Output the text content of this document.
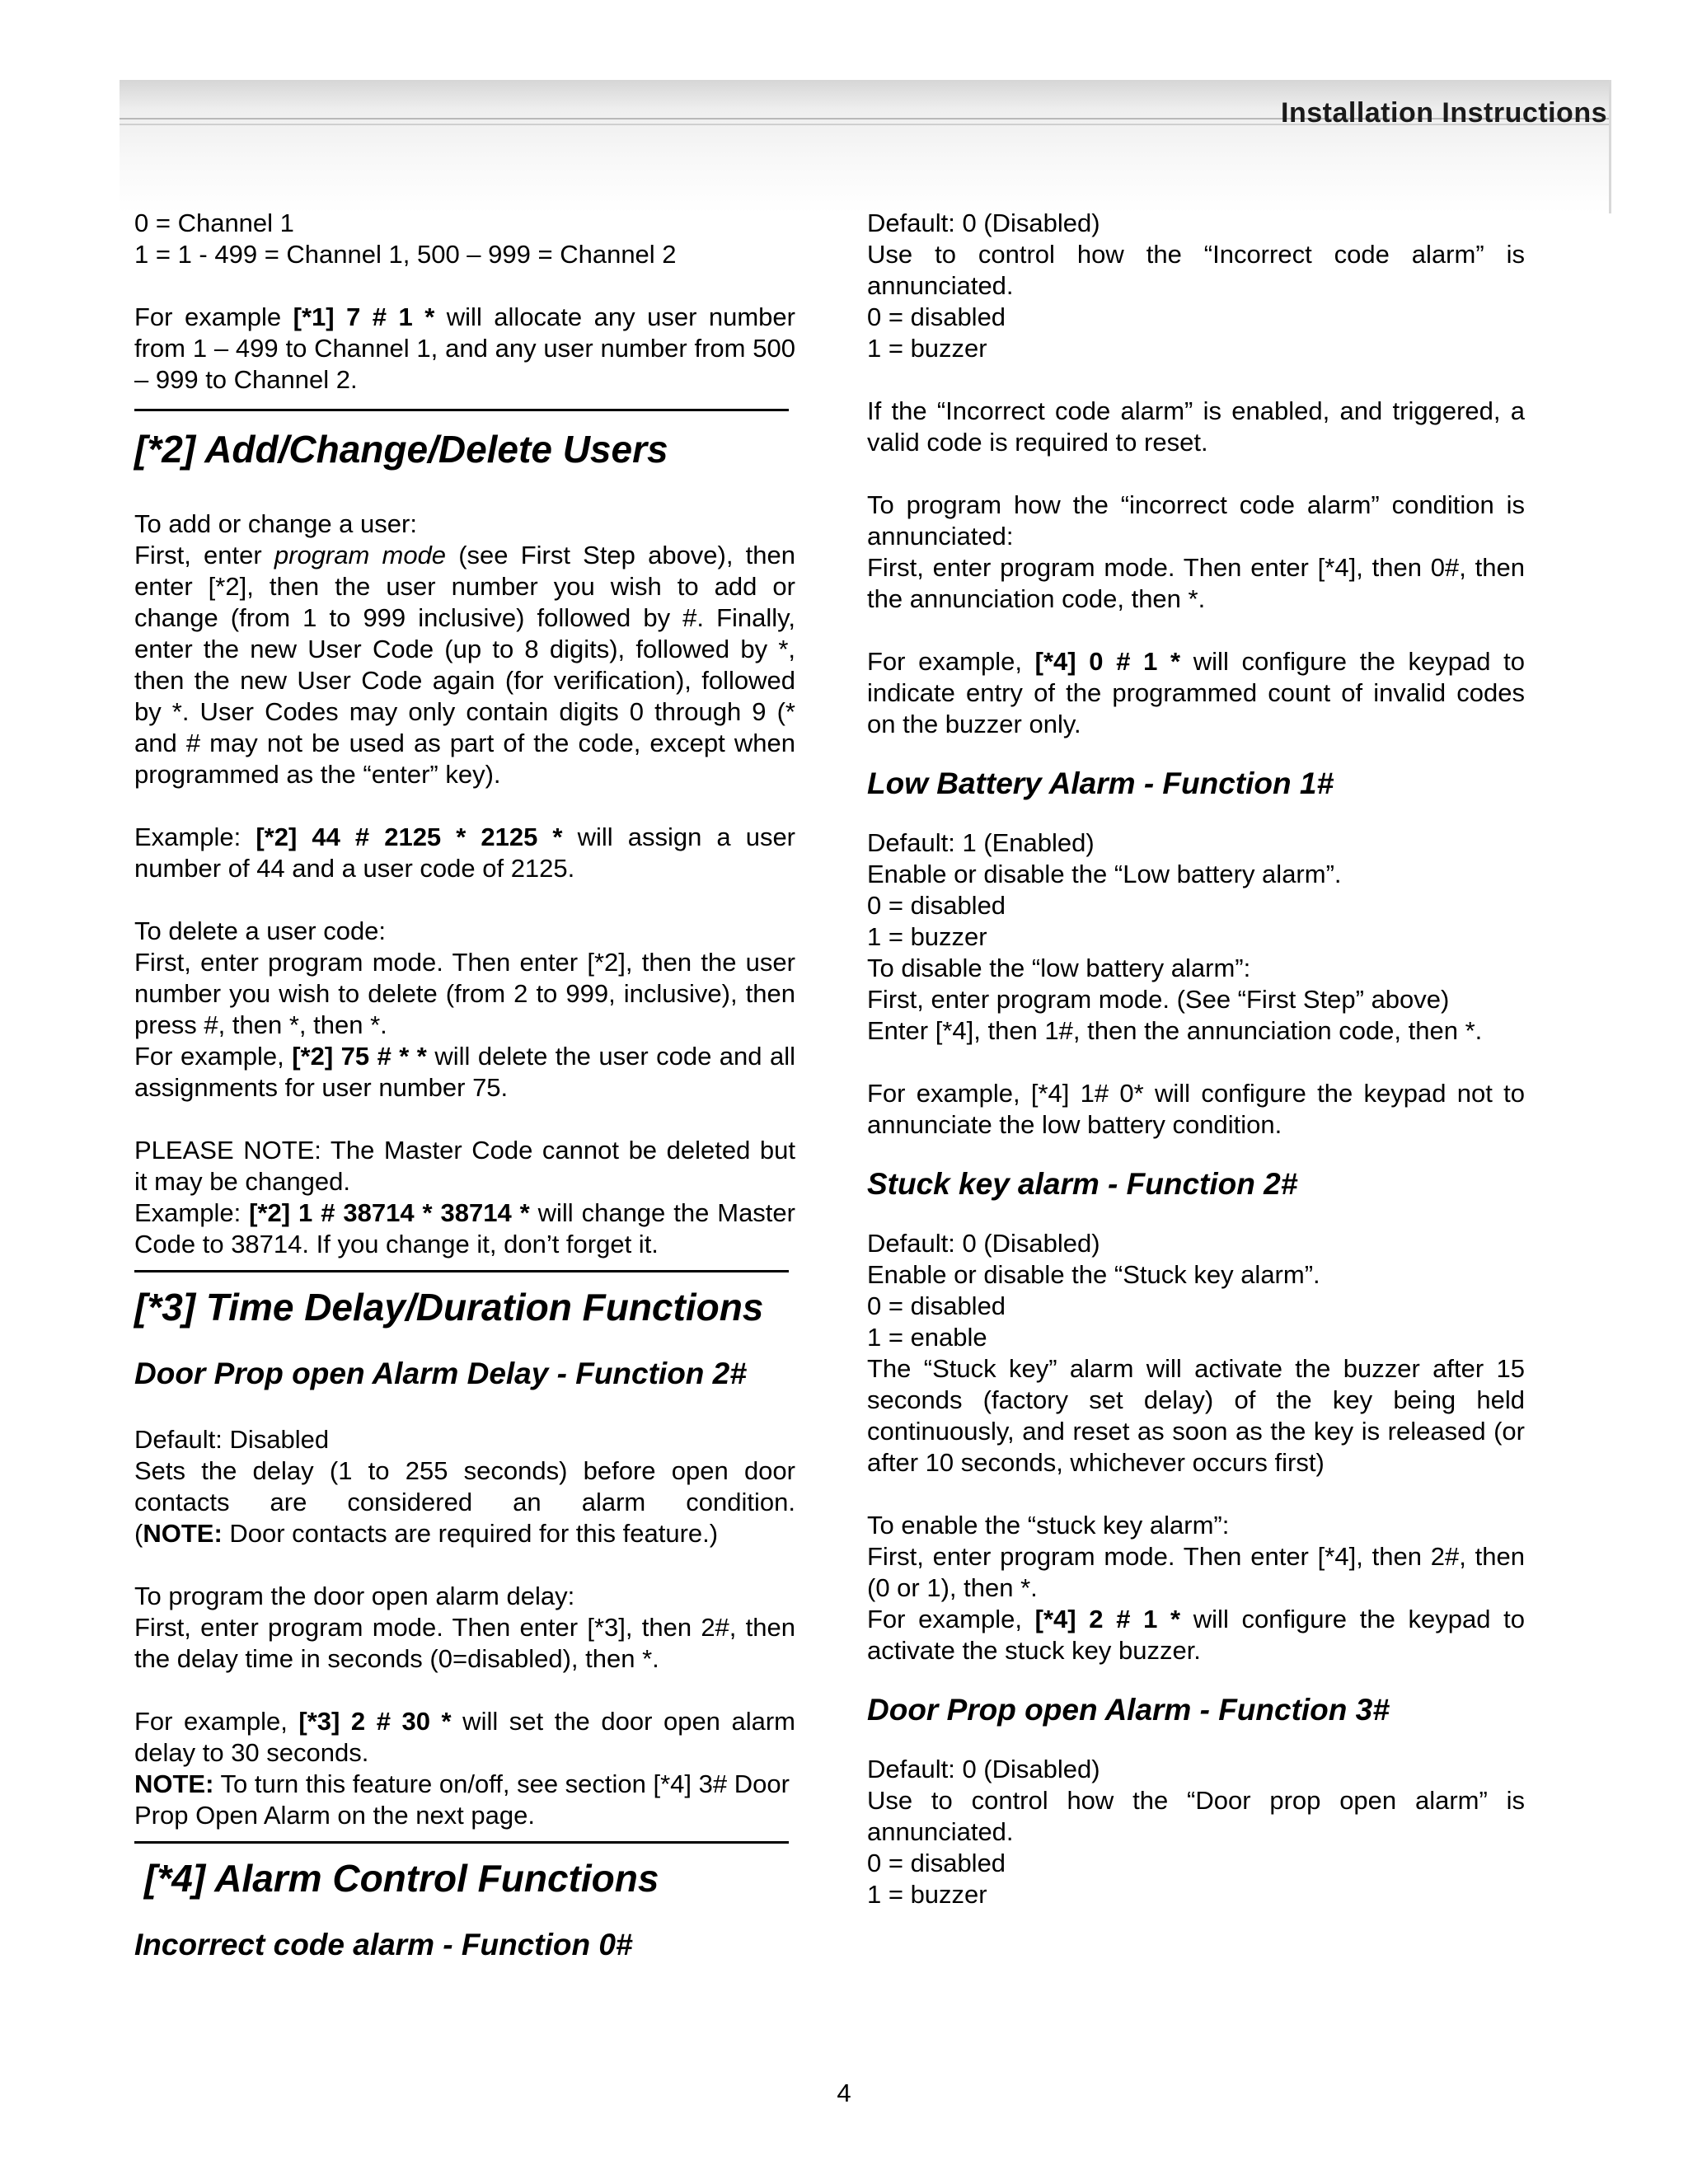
Installation Instructions

0 = Channel 1

1 = 1 - 499 = Channel 1, 500 – 999 = Channel 2

For example [*1] 7 # 1 * will allocate any user number from 1 – 499 to Channel 1, and any user number from 500 – 999 to Channel 2.

[*2] Add/Change/Delete Users

To add or change a user:

First, enter program mode (see First Step above), then enter [*2], then the user number you wish to add or change (from 1 to 999 inclusive) followed by #. Finally, enter the new User Code (up to 8 digits), followed by *, then the new User Code again (for verification), followed by *. User Codes may only contain digits 0 through 9 (* and # may not be used as part of the code, except when programmed as the “enter” key).

Example: [*2] 44 # 2125 * 2125 * will assign a user number of 44 and a user code of 2125.

To delete a user code:

First, enter program mode. Then enter [*2], then the user number you wish to delete (from 2 to 999, inclusive), then press #, then *, then *.

For example, [*2] 75 # * * will delete the user code and all assignments for user number 75.

PLEASE NOTE: The Master Code cannot be deleted but it may be changed.

Example: [*2] 1 # 38714 * 38714 * will change the Master Code to 38714. If you change it, don’t forget it.

[*3] Time Delay/Duration Functions
Door Prop open Alarm Delay - Function 2#

Default: Disabled

Sets the delay (1 to 255 seconds) before open door contacts are considered an alarm condition.

(NOTE: Door contacts are required for this feature.)

To program the door open alarm delay:

First, enter program mode. Then enter [*3], then 2#, then the delay time in seconds (0=disabled), then *.

For example, [*3] 2 # 30 * will set the door open alarm delay to 30 seconds.

NOTE: To turn this feature on/off, see section [*4] 3# Door Prop Open Alarm on the next page.

[*4] Alarm Control Functions
Incorrect code alarm - Function 0#

Default: 0 (Disabled)

Use to control how the “Incorrect code alarm” is annunciated.

0 = disabled

1 = buzzer

If the “Incorrect code alarm” is enabled, and triggered, a valid code is required to reset.

To program how the “incorrect code alarm” condition is annunciated:

First, enter program mode. Then enter [*4], then 0#, then the annunciation code, then *.

For example, [*4] 0 # 1 * will configure the keypad to indicate entry of the programmed count of invalid codes on the buzzer only.

Low Battery Alarm - Function 1#

Default: 1 (Enabled)

Enable or disable the “Low battery alarm”.

0 = disabled

1 = buzzer

To disable the “low battery alarm”:

First, enter program mode. (See “First Step” above)

Enter [*4], then 1#, then the annunciation code, then *.

For example, [*4] 1# 0* will configure the keypad not to annunciate the low battery condition.

Stuck key alarm - Function 2#

Default: 0 (Disabled)

Enable or disable the “Stuck key alarm”.

0 = disabled

1 = enable

The “Stuck key” alarm will activate the buzzer after 15 seconds (factory set delay) of the key being held continuously, and reset as soon as the key is released (or after 10 seconds, whichever occurs first)

To enable the “stuck key alarm”:

First, enter program mode. Then enter [*4], then 2#, then (0 or 1), then *.

For example, [*4] 2 # 1 * will configure the keypad to activate the stuck key buzzer.

Door Prop open Alarm - Function 3#

Default: 0 (Disabled)

Use to control how the “Door prop open alarm” is annunciated.

0 = disabled

1 = buzzer

4
